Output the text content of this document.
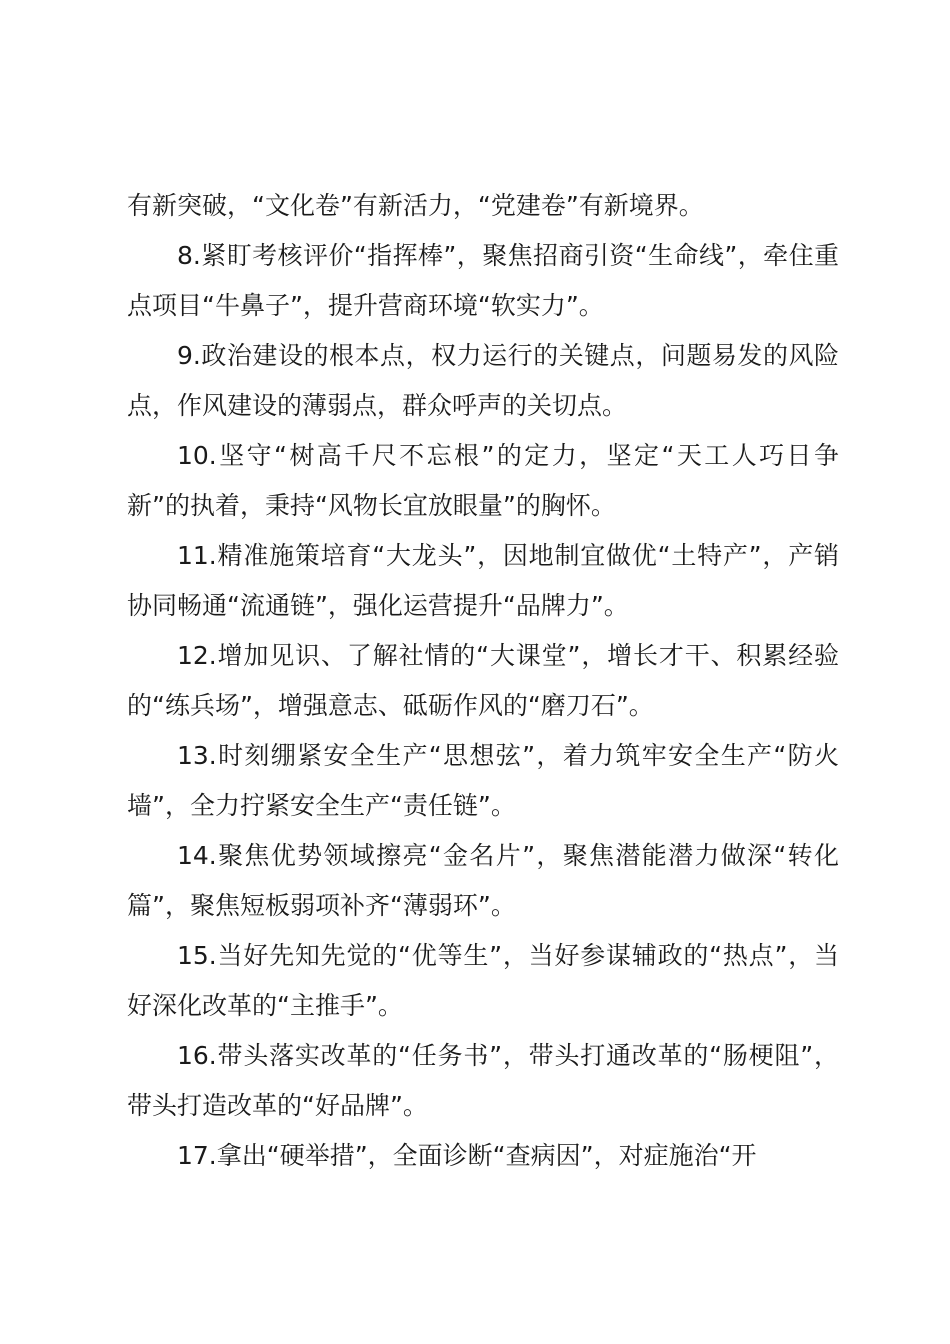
有新突破，“文化卷”有新活力，“党建卷”有新境界。

8.紧盯考核评价“指挥棒”，聚焦招商引资“生命线”，牵住重点项目“牛鼻子”，提升营商环境“软实力”。

9.政治建设的根本点，权力运行的关键点，问题易发的风险点，作风建设的薄弱点，群众呼声的关切点。

10.坚守“树高千尺不忘根”的定力，坚定“天工人巧日争新”的执着，秉持“风物长宜放眼量”的胸怀。

11.精准施策培育“大龙头”，因地制宜做优“土特产”，产销协同畅通“流通链”，强化运营提升“品牌力”。

12.增加见识、了解社情的“大课堂”，增长才干、积累经验的“练兵场”，增强意志、砥砺作风的“磨刀石”。

13.时刻绷紧安全生产“思想弦”，着力筑牢安全生产“防火墙”，全力拧紧安全生产“责任链”。

14.聚焦优势领域擦亮“金名片”，聚焦潜能潜力做深“转化篇”，聚焦短板弱项补齐“薄弱环”。

15.当好先知先觉的“优等生”，当好参谋辅政的“热点”，当好深化改革的“主推手”。

16.带头落实改革的“任务书”，带头打通改革的“肠梗阻”，带头打造改革的“好品牌”。

17.拿出“硬举措”，全面诊断“查病因”，对症施治“开
